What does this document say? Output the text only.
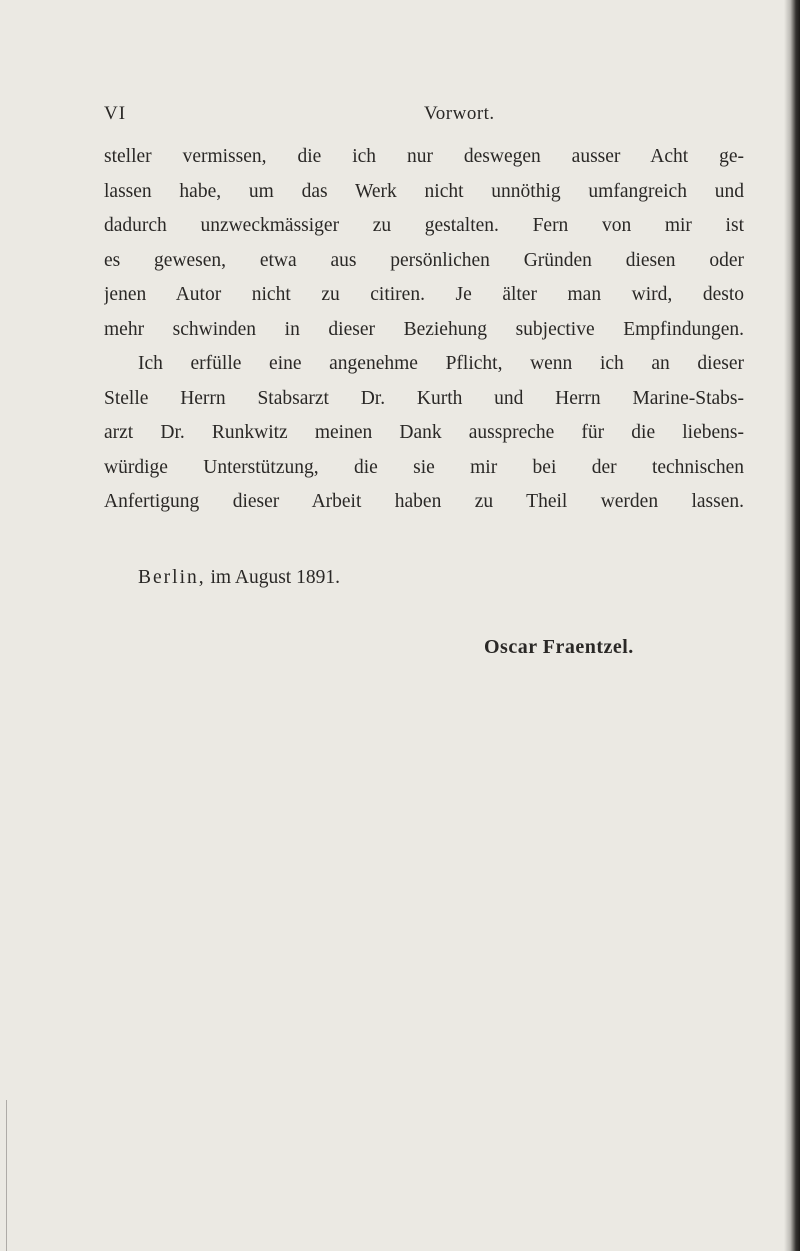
VI	Vorwort.
steller vermissen, die ich nur deswegen ausser Acht ge-
lassen habe, um das Werk nicht unnöthig umfangreich und
dadurch unzweckmässiger zu gestalten. Fern von mir ist
es gewesen, etwa aus persönlichen Gründen diesen oder
jenen Autor nicht zu citiren. Je älter man wird, desto
mehr schwinden in dieser Beziehung subjective Empfindungen.
Ich erfülle eine angenehme Pflicht, wenn ich an dieser
Stelle Herrn Stabsarzt Dr. Kurth und Herrn Marine-Stabs-
arzt Dr. Runkwitz meinen Dank ausspreche für die liebens-
würdige Unterstützung, die sie mir bei der technischen
Anfertigung dieser Arbeit haben zu Theil werden lassen.
Berlin, im August 1891.
Oscar Fraentzel.
